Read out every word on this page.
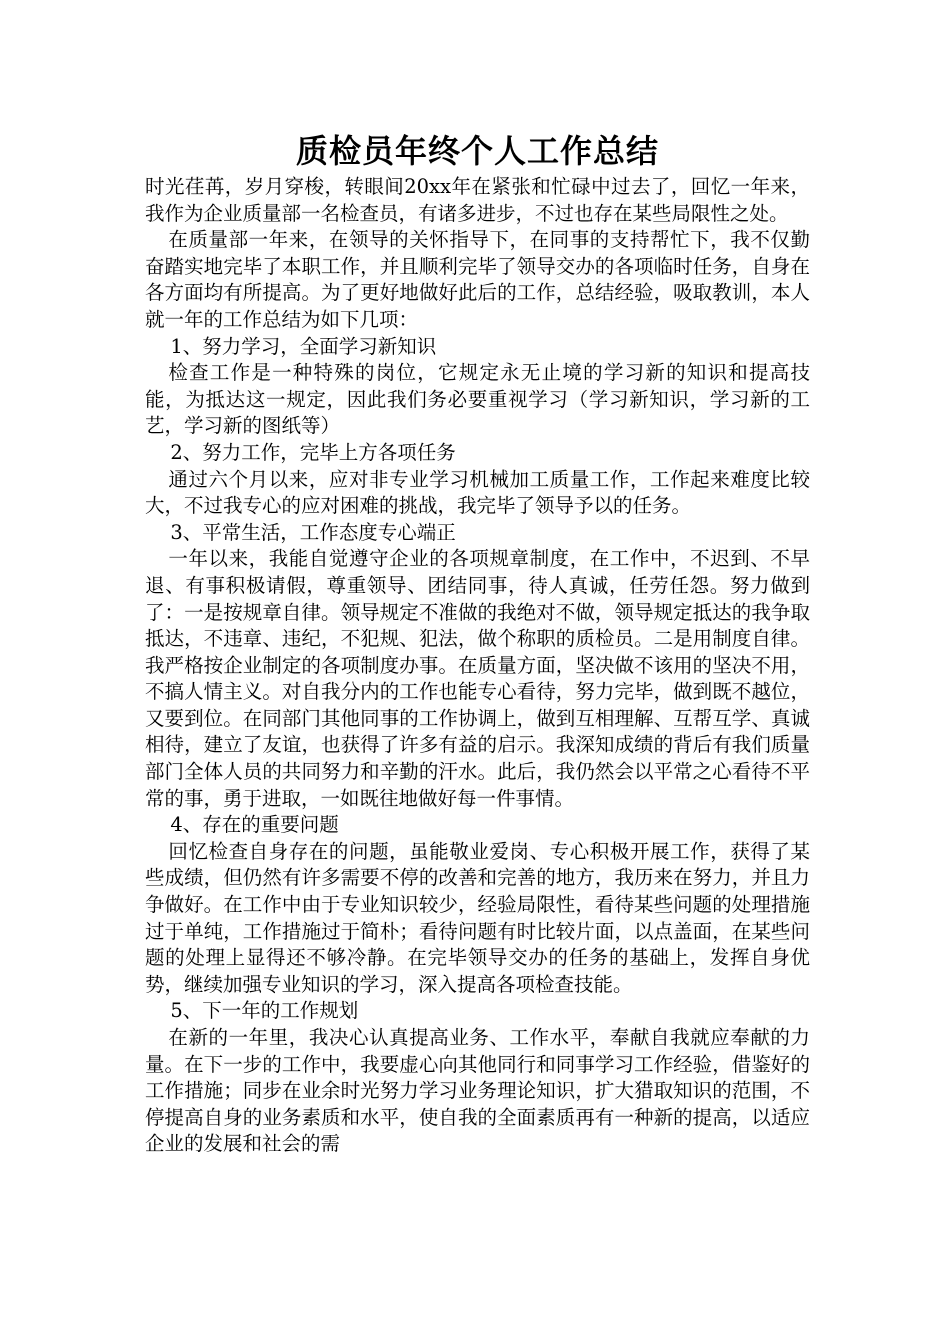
质检员年终个人工作总结

时光荏苒，岁月穿梭，转眼间20xx年在紧张和忙碌中过去了，回忆一年来，我作为企业质量部一名检查员，有诸多进步，不过也存在某些局限性之处。

在质量部一年来，在领导的关怀指导下，在同事的支持帮忙下，我不仅勤奋踏实地完毕了本职工作，并且顺利完毕了领导交办的各项临时任务，自身在各方面均有所提高。为了更好地做好此后的工作，总结经验，吸取教训，本人就一年的工作总结为如下几项：

1、努力学习，全面学习新知识

检查工作是一种特殊的岗位，它规定永无止境的学习新的知识和提高技能，为抵达这一规定，因此我们务必要重视学习（学习新知识，学习新的工艺，学习新的图纸等）

2、努力工作，完毕上方各项任务

通过六个月以来，应对非专业学习机械加工质量工作，工作起来难度比较大，不过我专心的应对困难的挑战，我完毕了领导予以的任务。

3、平常生活，工作态度专心端正

一年以来，我能自觉遵守企业的各项规章制度，在工作中，不迟到、不早退、有事积极请假，尊重领导、团结同事，待人真诚，任劳任怨。努力做到了：一是按规章自律。领导规定不准做的我绝对不做，领导规定抵达的我争取抵达，不违章、违纪，不犯规、犯法，做个称职的质检员。二是用制度自律。我严格按企业制定的各项制度办事。在质量方面，坚决做不该用的坚决不用，不搞人情主义。对自我分内的工作也能专心看待，努力完毕，做到既不越位，又要到位。在同部门其他同事的工作协调上，做到互相理解、互帮互学、真诚相待，建立了友谊，也获得了许多有益的启示。我深知成绩的背后有我们质量部门全体人员的共同努力和辛勤的汗水。此后，我仍然会以平常之心看待不平常的事，勇于进取，一如既往地做好每一件事情。

4、存在的重要问题

回忆检查自身存在的问题，虽能敬业爱岗、专心积极开展工作，获得了某些成绩，但仍然有许多需要不停的改善和完善的地方，我历来在努力，并且力争做好。在工作中由于专业知识较少，经验局限性，看待某些问题的处理措施过于单纯，工作措施过于简朴；看待问题有时比较片面，以点盖面，在某些问题的处理上显得还不够冷静。在完毕领导交办的任务的基础上，发挥自身优势，继续加强专业知识的学习，深入提高各项检查技能。

5、下一年的工作规划

在新的一年里，我决心认真提高业务、工作水平，奉献自我就应奉献的力量。在下一步的工作中，我要虚心向其他同行和同事学习工作经验，借鉴好的工作措施；同步在业余时光努力学习业务理论知识，扩大猎取知识的范围，不停提高自身的业务素质和水平，使自我的全面素质再有一种新的提高，以适应企业的发展和社会的需
